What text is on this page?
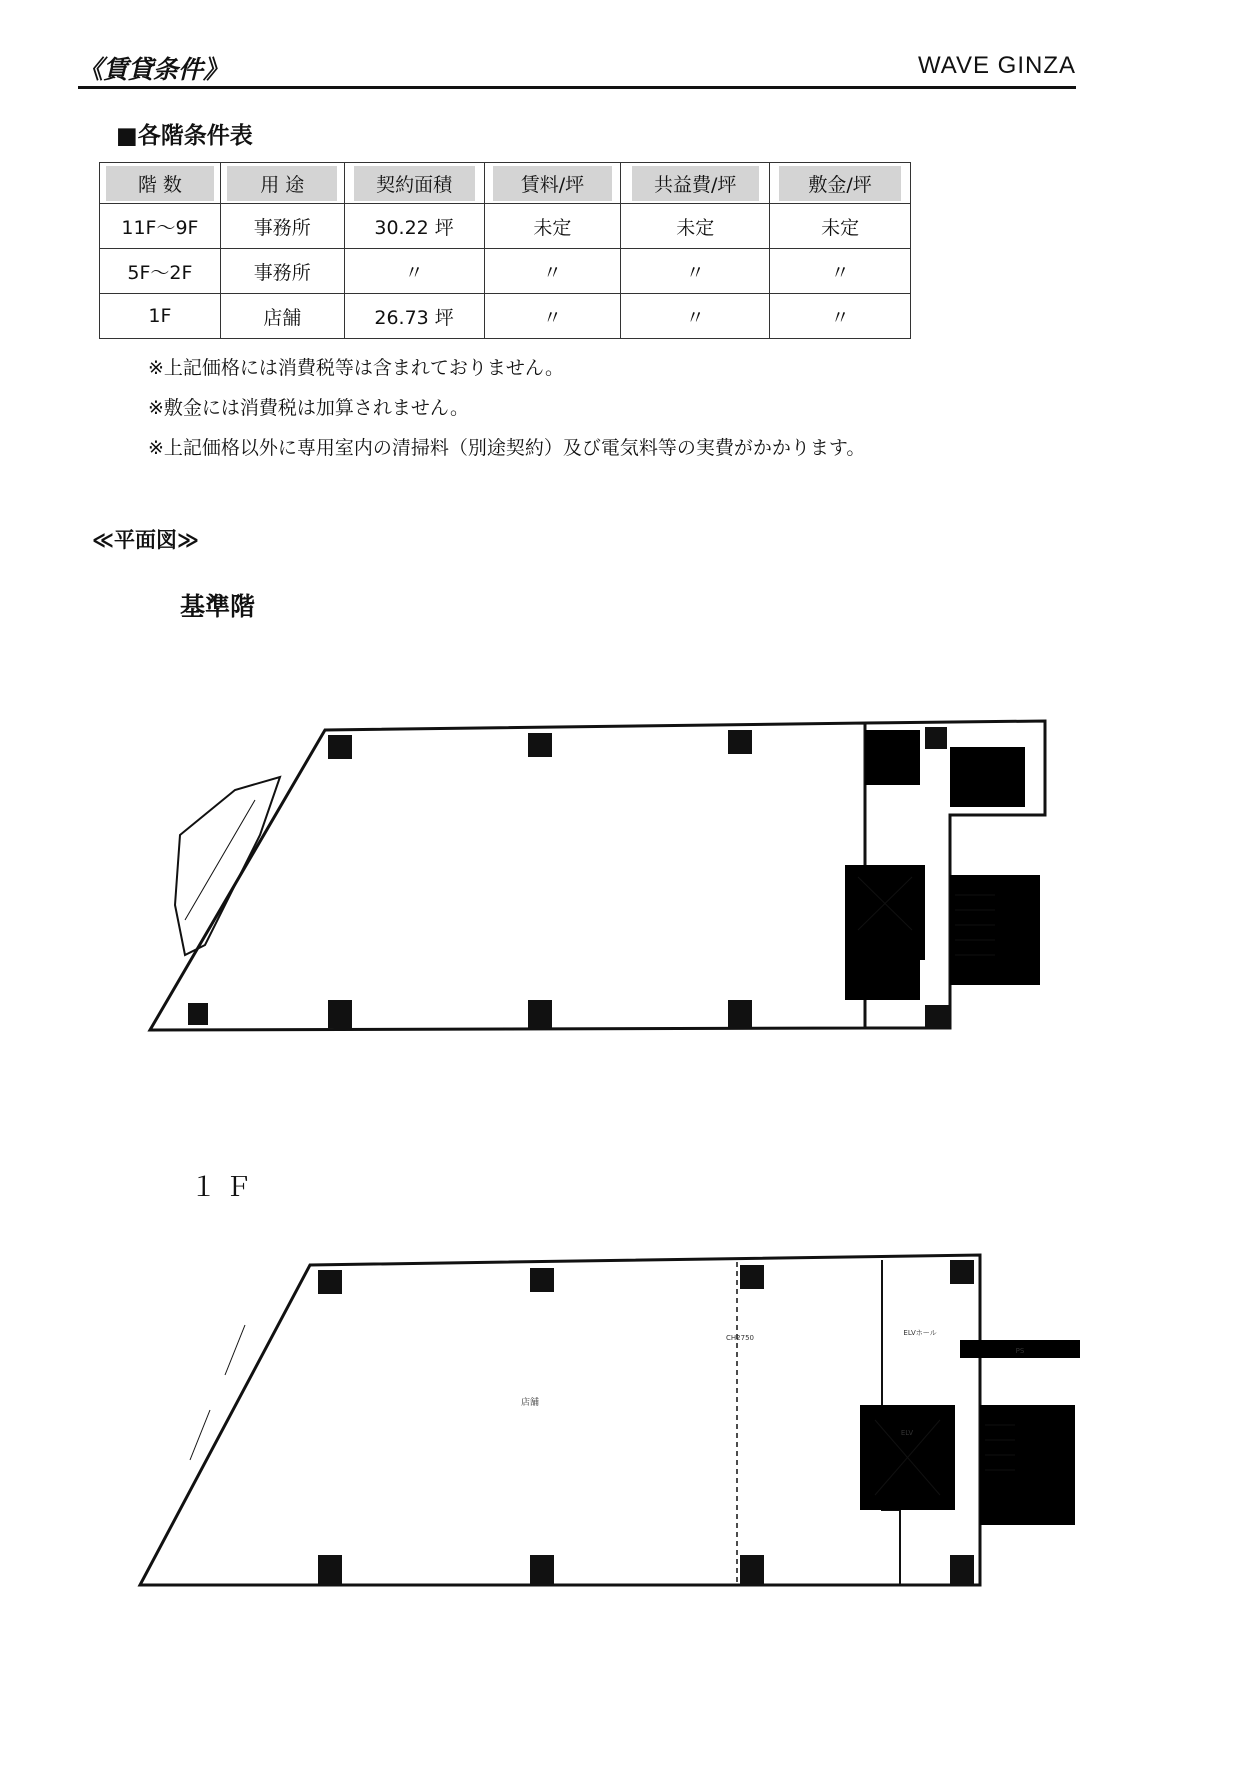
《賃貸条件》	WAVE GINZA
■各階条件表
階 数	用 途	契約面積	賃料/坪	共益費/坪	敷金/坪
11F～9F	事務所	30.22 坪	未定	未定	未定
5F～2F	事務所	〃	〃	〃	〃
1F	店舗	26.73 坪	〃	〃	〃
※上記価格には消費税等は含まれておりません。
※敷金には消費税は加算されません。
※上記価格以外に専用室内の清掃料（別途契約）及び電気料等の実費がかかります。
≪平面図≫
基準階
１Ｆ
店舗
CH2750
ELVホール
ELV
PS
